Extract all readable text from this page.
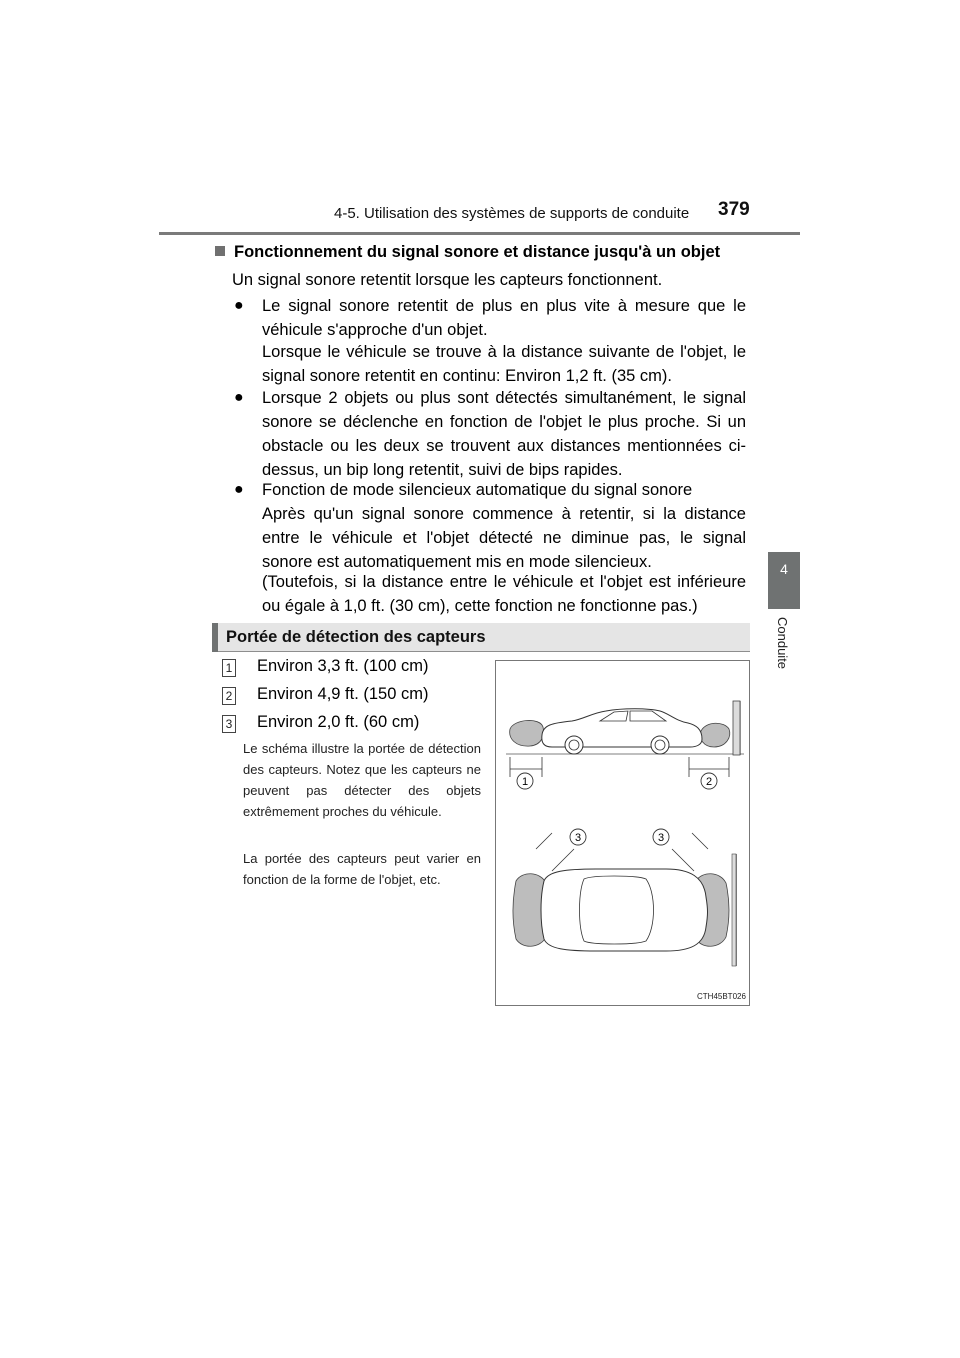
4-5. Utilisation des systèmes de supports de conduite 379
4
Conduite
Fonctionnement du signal sonore et distance jusqu'à un objet
Un signal sonore retentit lorsque les capteurs fonctionnent.
● Le signal sonore retentit de plus en plus vite à mesure que le véhicule s'approche d'un objet.
Lorsque le véhicule se trouve à la distance suivante de l'objet, le signal sonore retentit en continu: Environ 1,2 ft. (35 cm).
● Lorsque 2 objets ou plus sont détectés simultanément, le signal sonore se déclenche en fonction de l'objet le plus proche. Si un obstacle ou les deux se trouvent aux distances mentionnées ci-dessus, un bip long retentit, suivi de bips rapides.
● Fonction de mode silencieux automatique du signal sonore
Après qu'un signal sonore commence à retentir, si la distance entre le véhicule et l'objet détecté ne diminue pas, le signal sonore est automatiquement mis en mode silencieux.
(Toutefois, si la distance entre le véhicule et l'objet est inférieure ou égale à 1,0 ft. (30 cm), cette fonction ne fonctionne pas.)
Portée de détection des capteurs
1 Environ 3,3 ft. (100 cm)
2 Environ 4,9 ft. (150 cm)
3 Environ 2,0 ft. (60 cm)
Le schéma illustre la portée de détection des capteurs. Notez que les capteurs ne peuvent pas détecter des objets extrêmement proches du véhicule.
La portée des capteurs peut varier en fonction de la forme de l'objet, etc.
1	2
3	3
CTH45BT026
